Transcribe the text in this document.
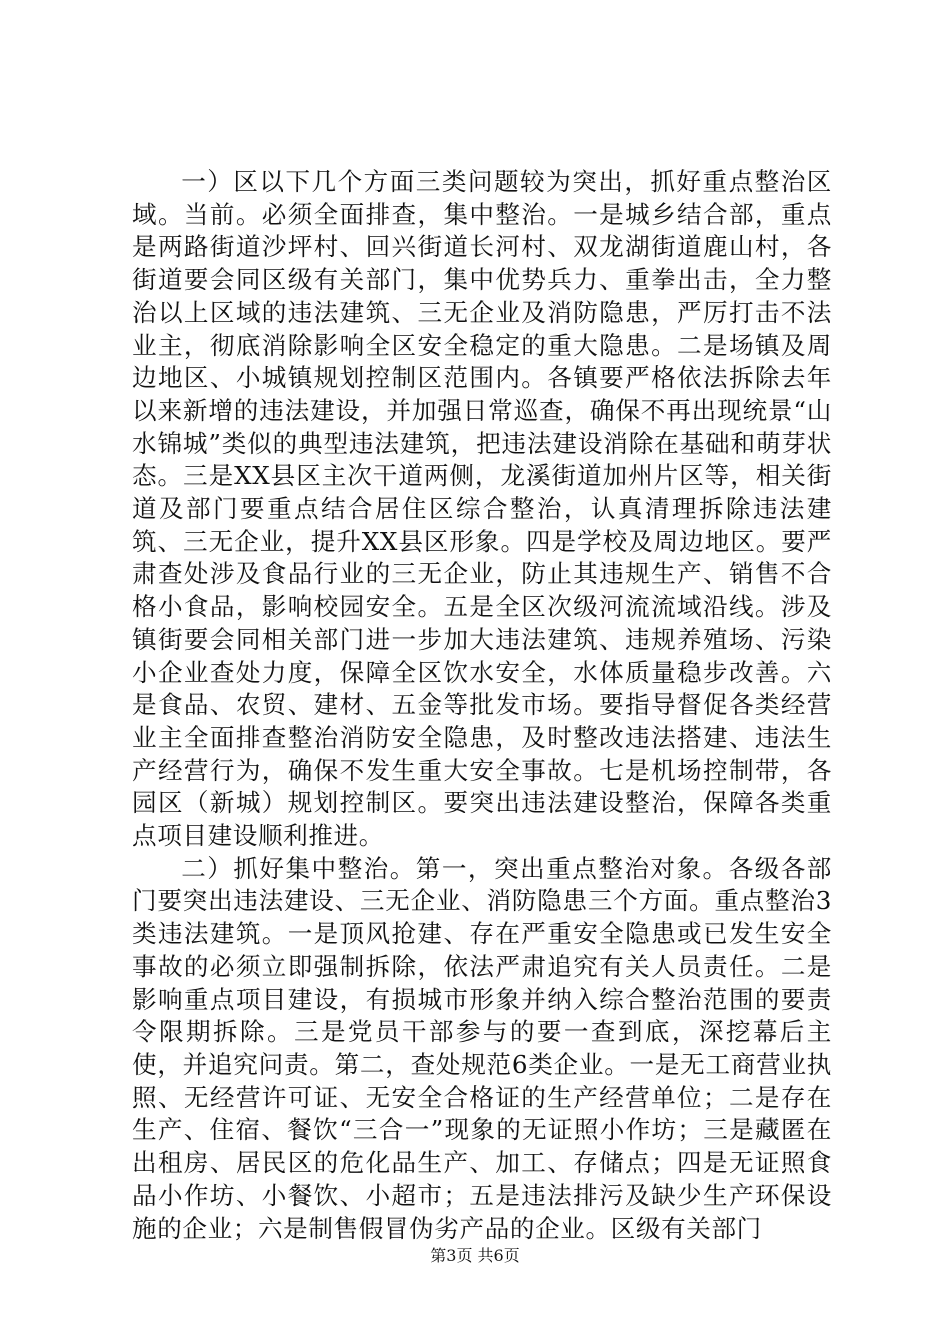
一）区以下几个方面三类问题较为突出，抓好重点整治区域。当前。必须全面排查，集中整治。一是城乡结合部，重点是两路街道沙坪村、回兴街道长河村、双龙湖街道鹿山村，各街道要会同区级有关部门，集中优势兵力、重拳出击，全力整治以上区域的违法建筑、三无企业及消防隐患，严厉打击不法业主，彻底消除影响全区安全稳定的重大隐患。二是场镇及周边地区、小城镇规划控制区范围内。各镇要严格依法拆除去年以来新增的违法建设，并加强日常巡查，确保不再出现统景“山水锦城”类似的典型违法建筑，把违法建设消除在基础和萌芽状态。三是XX县区主次干道两侧，龙溪街道加州片区等，相关街道及部门要重点结合居住区综合整治，认真清理拆除违法建筑、三无企业，提升XX县区形象。四是学校及周边地区。要严肃查处涉及食品行业的三无企业，防止其违规生产、销售不合格小食品，影响校园安全。五是全区次级河流流域沿线。涉及镇街要会同相关部门进一步加大违法建筑、违规养殖场、污染小企业查处力度，保障全区饮水安全，水体质量稳步改善。六是食品、农贸、建材、五金等批发市场。要指导督促各类经营业主全面排查整治消防安全隐患，及时整改违法搭建、违法生产经营行为，确保不发生重大安全事故。七是机场控制带，各园区（新城）规划控制区。要突出违法建设整治，保障各类重点项目建设顺利推进。

二）抓好集中整治。第一，突出重点整治对象。各级各部门要突出违法建设、三无企业、消防隐患三个方面。重点整治3类违法建筑。一是顶风抢建、存在严重安全隐患或已发生安全事故的必须立即强制拆除，依法严肃追究有关人员责任。二是影响重点项目建设，有损城市形象并纳入综合整治范围的要责令限期拆除。三是党员干部参与的要一查到底，深挖幕后主使，并追究问责。第二，查处规范6类企业。一是无工商营业执照、无经营许可证、无安全合格证的生产经营单位；二是存在生产、住宿、餐饮“三合一”现象的无证照小作坊；三是藏匿在出租房、居民区的危化品生产、加工、存储点；四是无证照食品小作坊、小餐饮、小超市；五是违法排污及缺少生产环保设施的企业；六是制售假冒伪劣产品的企业。区级有关部门

第3页 共6页
